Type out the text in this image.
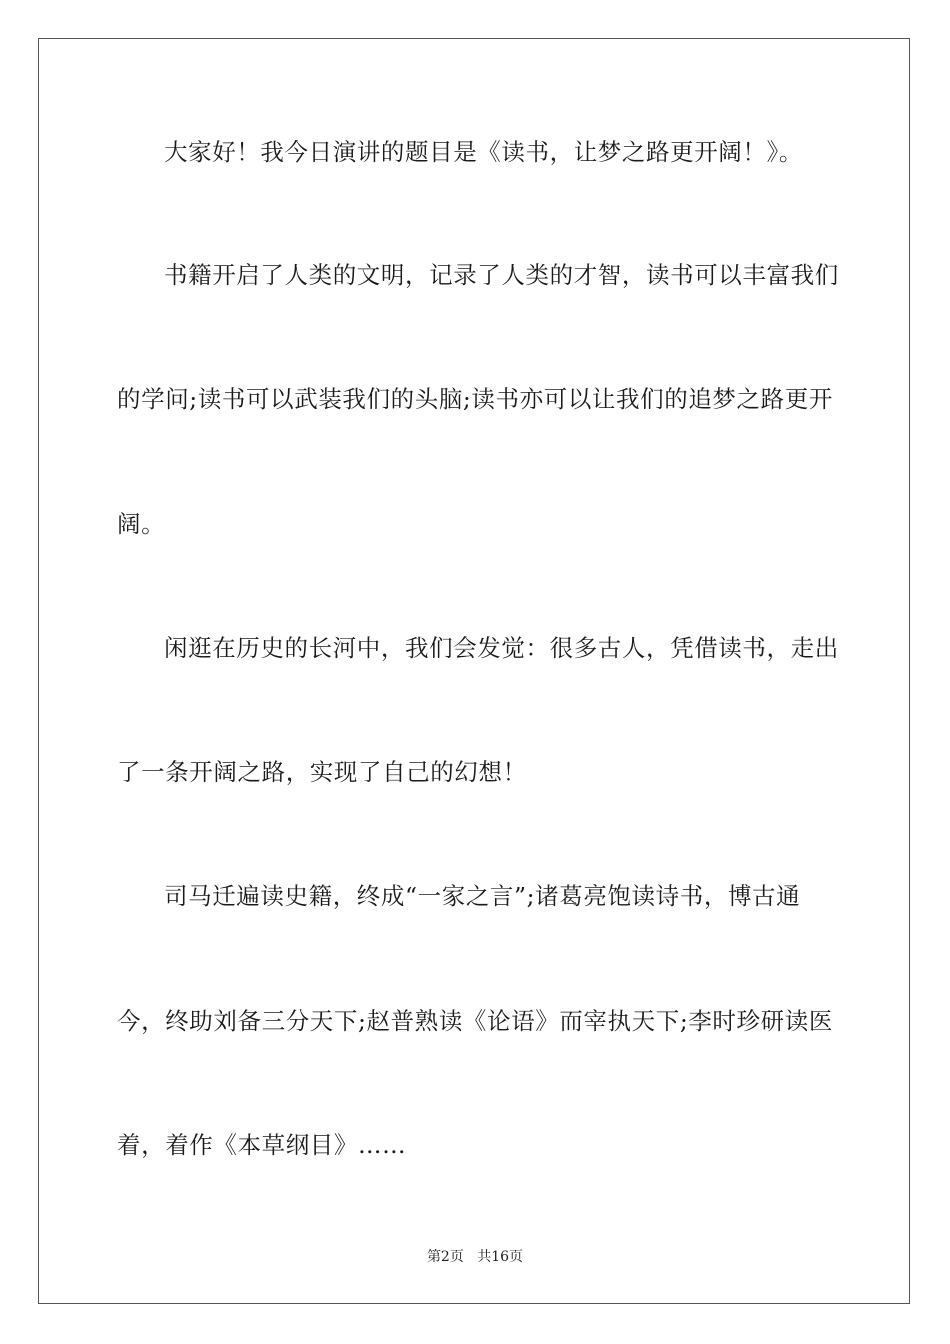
大家好！我今日演讲的题目是《读书，让梦之路更开阔！》。
书籍开启了人类的文明，记录了人类的才智，读书可以丰富我们
的学问;读书可以武装我们的头脑;读书亦可以让我们的追梦之路更开
阔。
闲逛在历史的长河中，我们会发觉：很多古人，凭借读书，走出
了一条开阔之路，实现了自己的幻想！
司马迁遍读史籍，终成“一家之言”;诸葛亮饱读诗书，博古通
今，终助刘备三分天下;赵普熟读《论语》而宰执天下;李时珍研读医
着，着作《本草纲目》……
第2页 共16页
